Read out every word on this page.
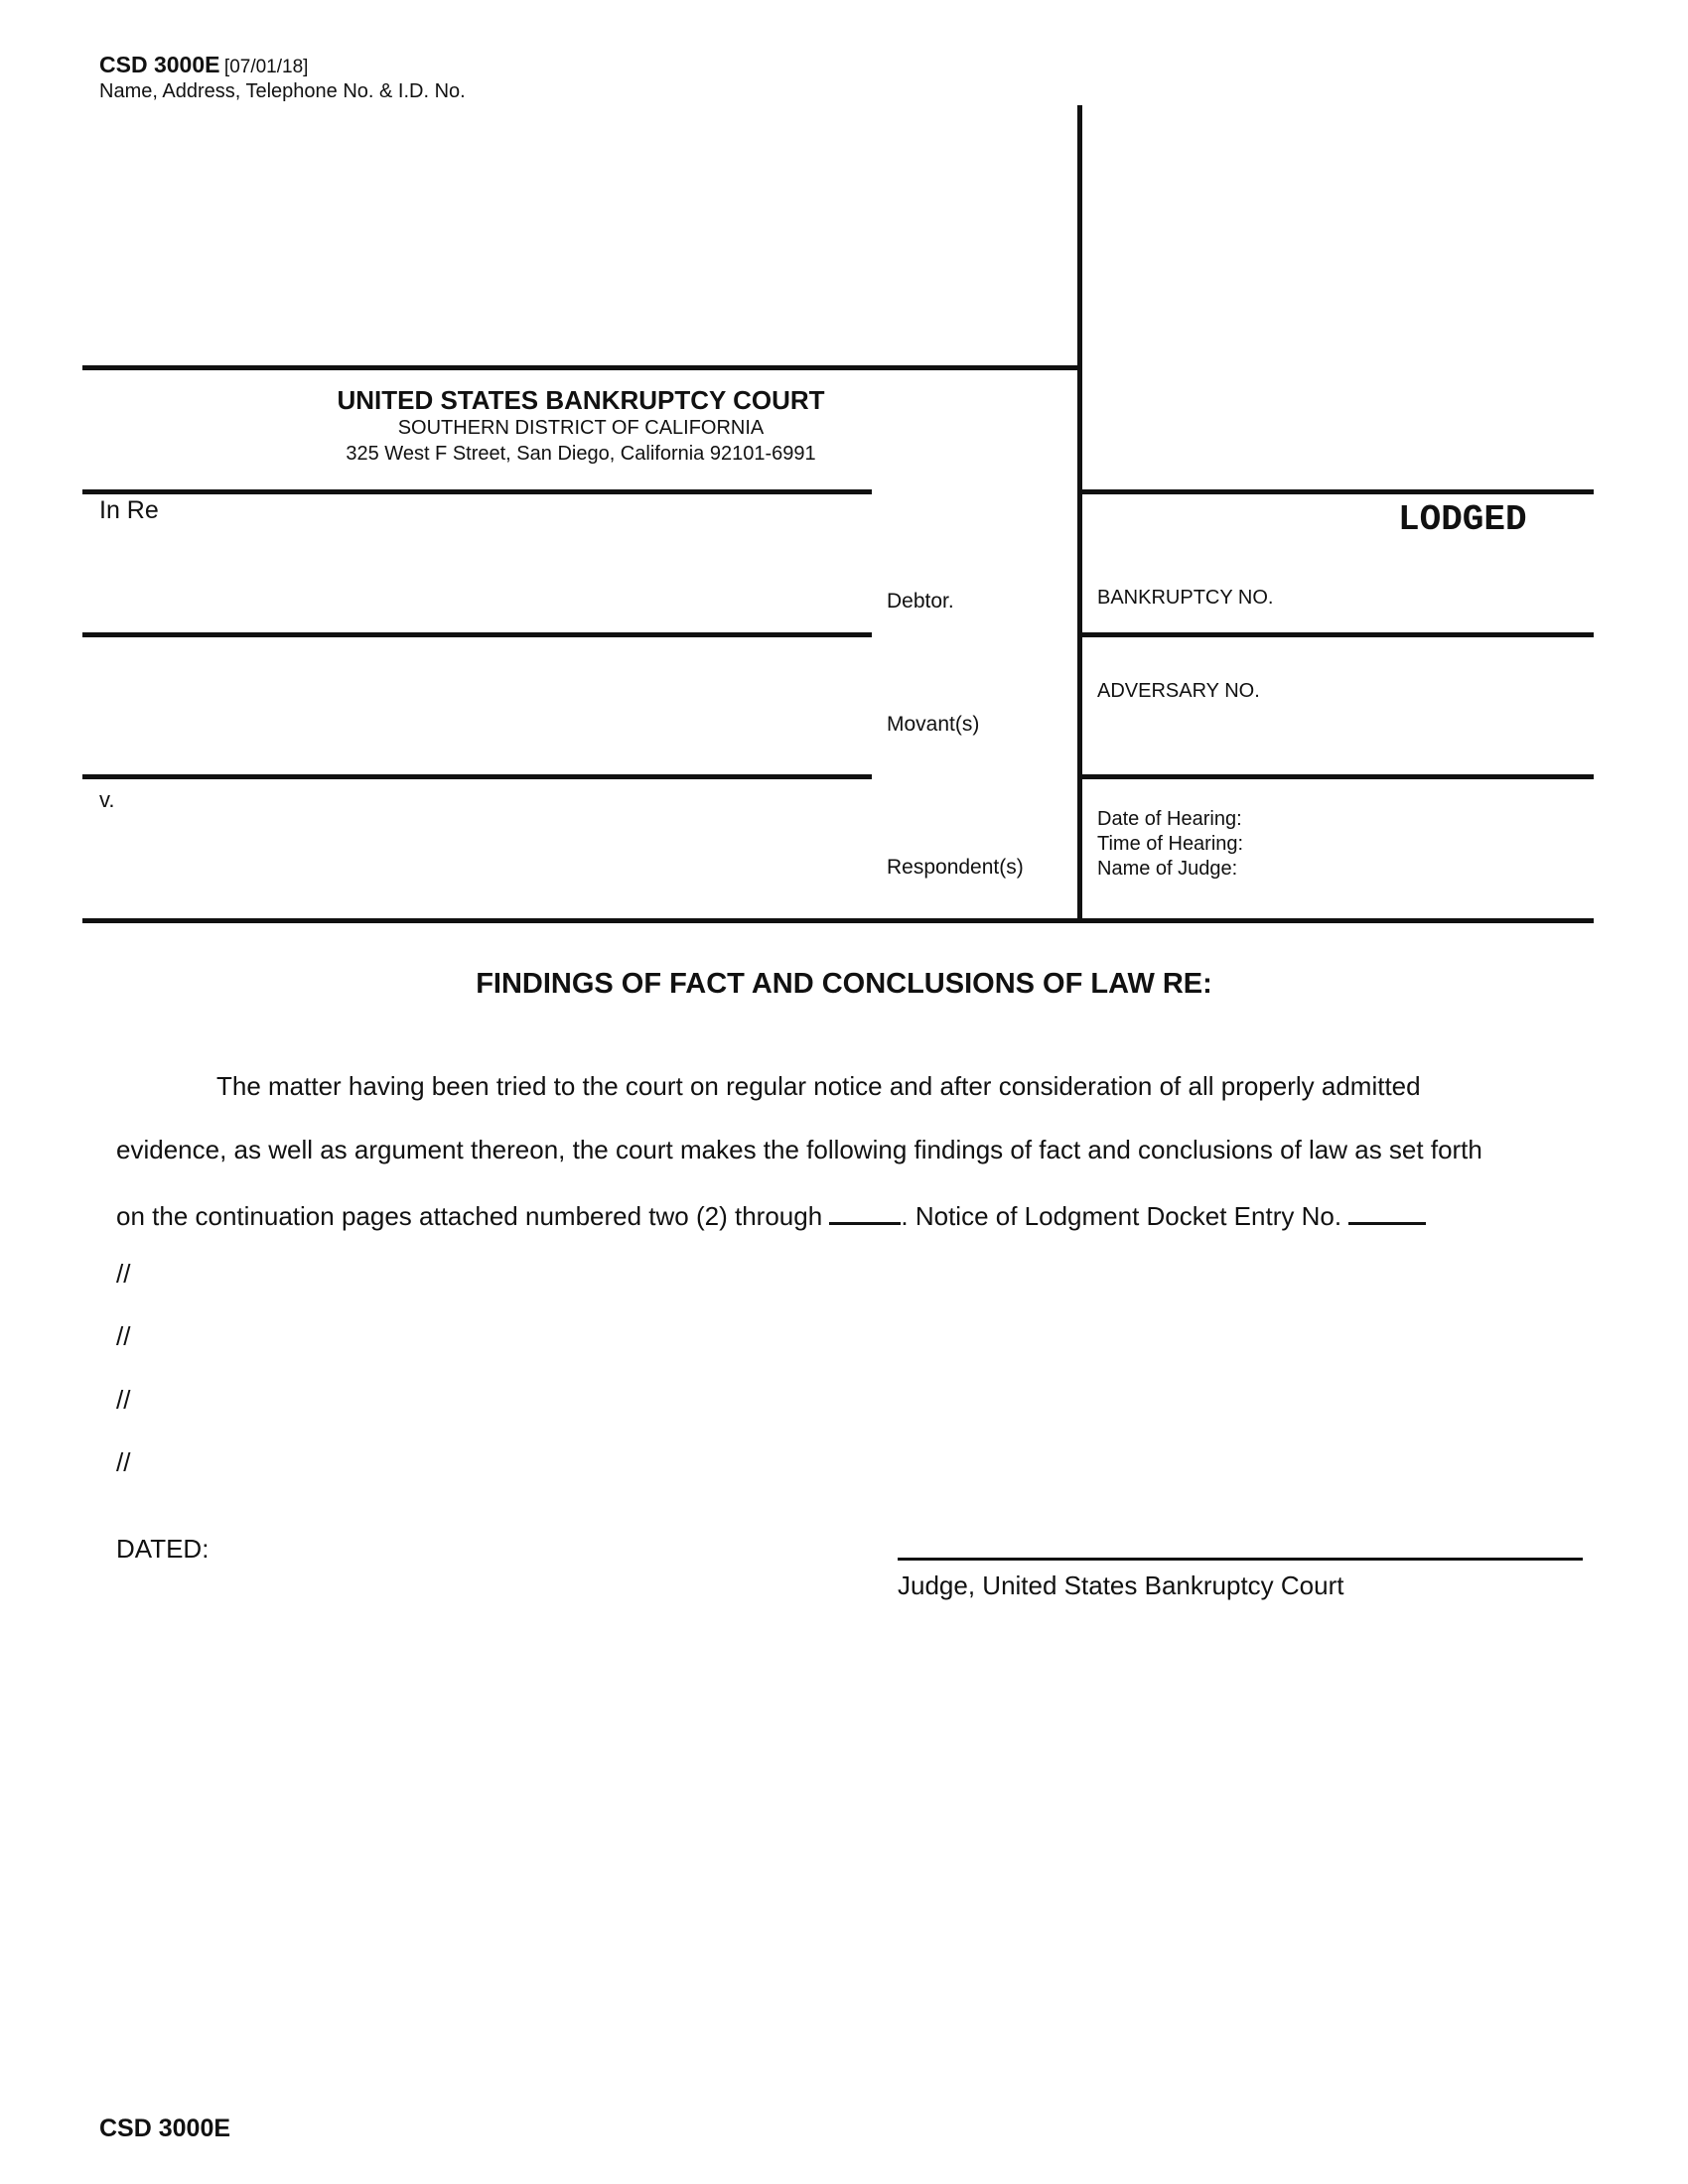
CSD 3000E [07/01/18]
Name, Address, Telephone No. & I.D. No.
UNITED STATES BANKRUPTCY COURT
SOUTHERN DISTRICT OF CALIFORNIA
325 West F Street, San Diego, California 92101-6991
In Re
Debtor.
Movant(s)
v.
Respondent(s)
LODGED
BANKRUPTCY NO.
ADVERSARY NO.
Date of Hearing:
Time of Hearing:
Name of Judge:
FINDINGS OF FACT AND CONCLUSIONS OF LAW RE:
The matter having been tried to the court on regular notice and after consideration of all properly admitted
evidence, as well as argument thereon, the court makes the following findings of fact and conclusions of law as set forth
on the continuation pages attached numbered two (2) through	. Notice of Lodgment Docket Entry No.
//
//
//
//
DATED:
Judge, United States Bankruptcy Court
CSD 3000E
